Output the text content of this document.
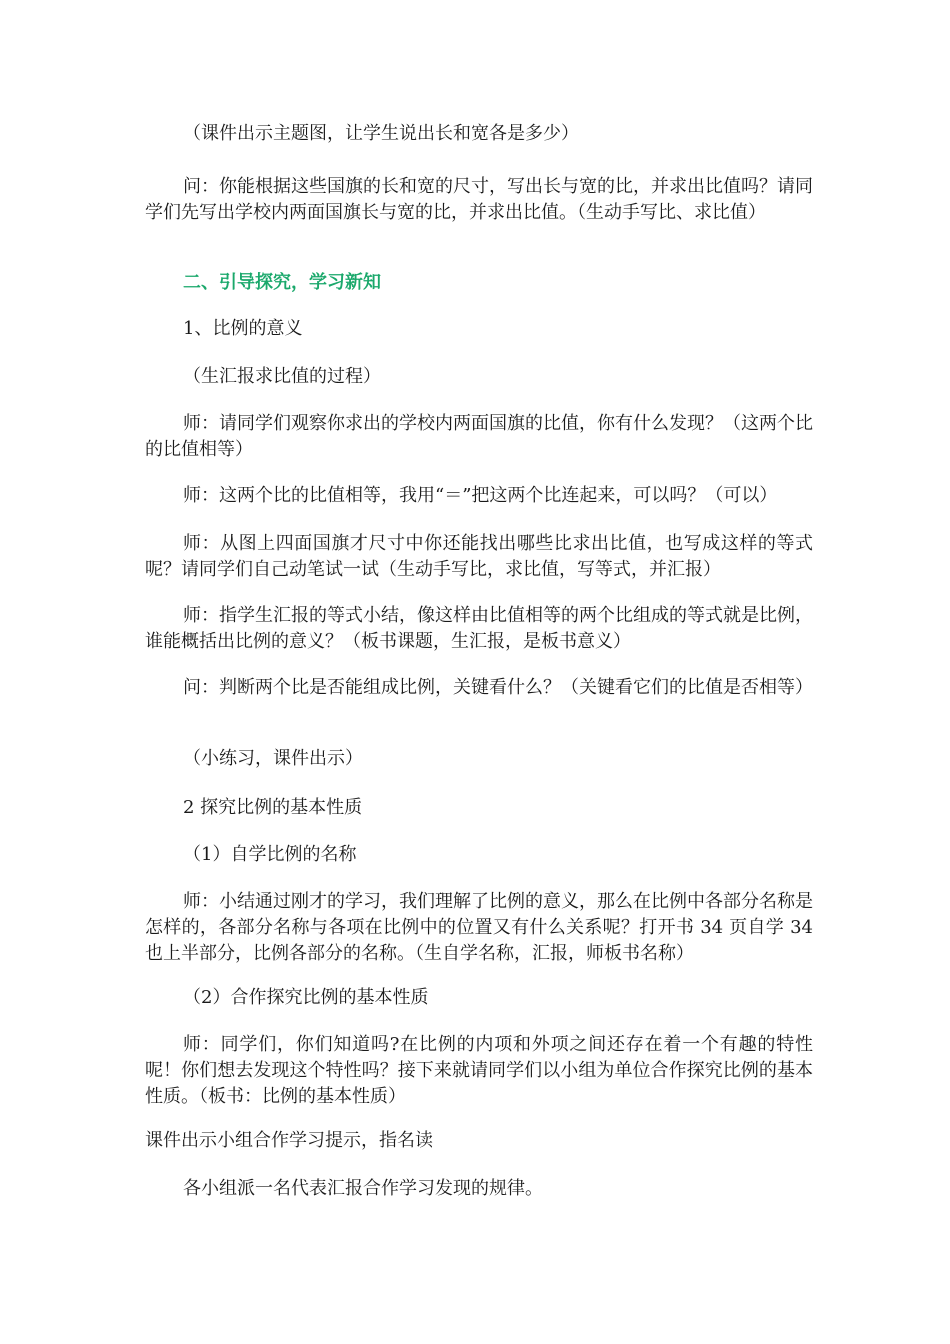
（课件出示主题图，让学生说出长和宽各是多少）

问：你能根据这些国旗的长和宽的尺寸，写出长与宽的比，并求出比值吗？请同学们先写出学校内两面国旗长与宽的比，并求出比值。（生动手写比、求比值）

二、引导探究，学习新知

1、比例的意义

（生汇报求比值的过程）

师：请同学们观察你求出的学校内两面国旗的比值，你有什么发现？（这两个比的比值相等）

师：这两个比的比值相等，我用“＝”把这两个比连起来，可以吗？（可以）

师：从图上四面国旗才尺寸中你还能找出哪些比求出比值，也写成这样的等式呢？请同学们自己动笔试一试（生动手写比，求比值，写等式，并汇报）

师：指学生汇报的等式小结，像这样由比值相等的两个比组成的等式就是比例，谁能概括出比例的意义？（板书课题，生汇报，是板书意义）

问：判断两个比是否能组成比例，关键看什么？（关键看它们的比值是否相等）

（小练习，课件出示）

2 探究比例的基本性质

（1）自学比例的名称

师：小结通过刚才的学习，我们理解了比例的意义，那么在比例中各部分名称是怎样的，各部分名称与各项在比例中的位置又有什么关系呢？打开书 34 页自学 34 也上半部分，比例各部分的名称。（生自学名称，汇报，师板书名称）

（2）合作探究比例的基本性质

师：同学们，你们知道吗?在比例的内项和外项之间还存在着一个有趣的特性呢！你们想去发现这个特性吗？接下来就请同学们以小组为单位合作探究比例的基本性质。（板书：比例的基本性质）

课件出示小组合作学习提示，指名读

各小组派一名代表汇报合作学习发现的规律。
